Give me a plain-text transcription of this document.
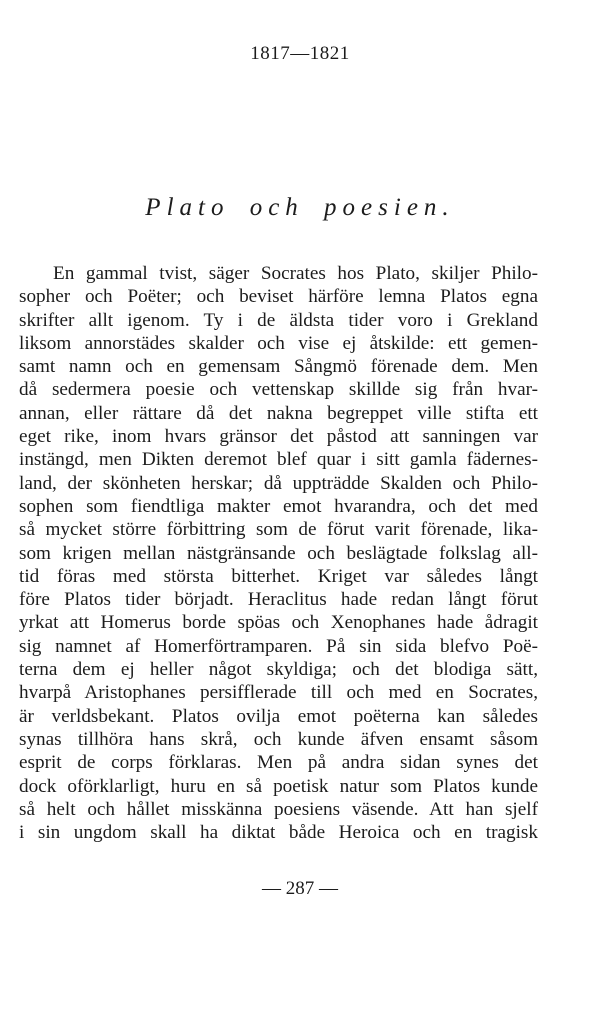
1817—1821
Plato och poesien.
En gammal tvist, säger Socrates hos Plato, skiljer Philo-
sopher och Poëter; och beviset härföre lemna Platos egna
skrifter allt igenom. Ty i de äldsta tider voro i Grekland
liksom annorstädes skalder och vise ej åtskilde: ett gemen-
samt namn och en gemensam Sångmö förenade dem. Men
då sedermera poesie och vettenskap skillde sig från hvar-
annan, eller rättare då det nakna begreppet ville stifta ett
eget rike, inom hvars gränsor det påstod att sanningen var
instängd, men Dikten deremot blef quar i sitt gamla fädernes-
land, der skönheten herskar; då uppträdde Skalden och Philo-
sophen som fiendtliga makter emot hvarandra, och det med
så mycket större förbittring som de förut varit förenade, lika-
som krigen mellan nästgränsande och beslägtade folkslag all-
tid föras med största bitterhet. Kriget var således långt
före Platos tider börjadt. Heraclitus hade redan långt förut
yrkat att Homerus borde spöas och Xenophanes hade ådragit
sig namnet af Homerförtramparen. På sin sida blefvo Poë-
terna dem ej heller något skyldiga; och det blodiga sätt,
hvarpå Aristophanes persifflerade till och med en Socrates,
är verldsbekant. Platos ovilja emot poëterna kan således
synas tillhöra hans skrå, och kunde äfven ensamt såsom
esprit de corps förklaras. Men på andra sidan synes det
dock oförklarligt, huru en så poetisk natur som Platos kunde
så helt och hållet misskänna poesiens väsende. Att han sjelf
i sin ungdom skall ha diktat både Heroica och en tragisk
— 287 —
